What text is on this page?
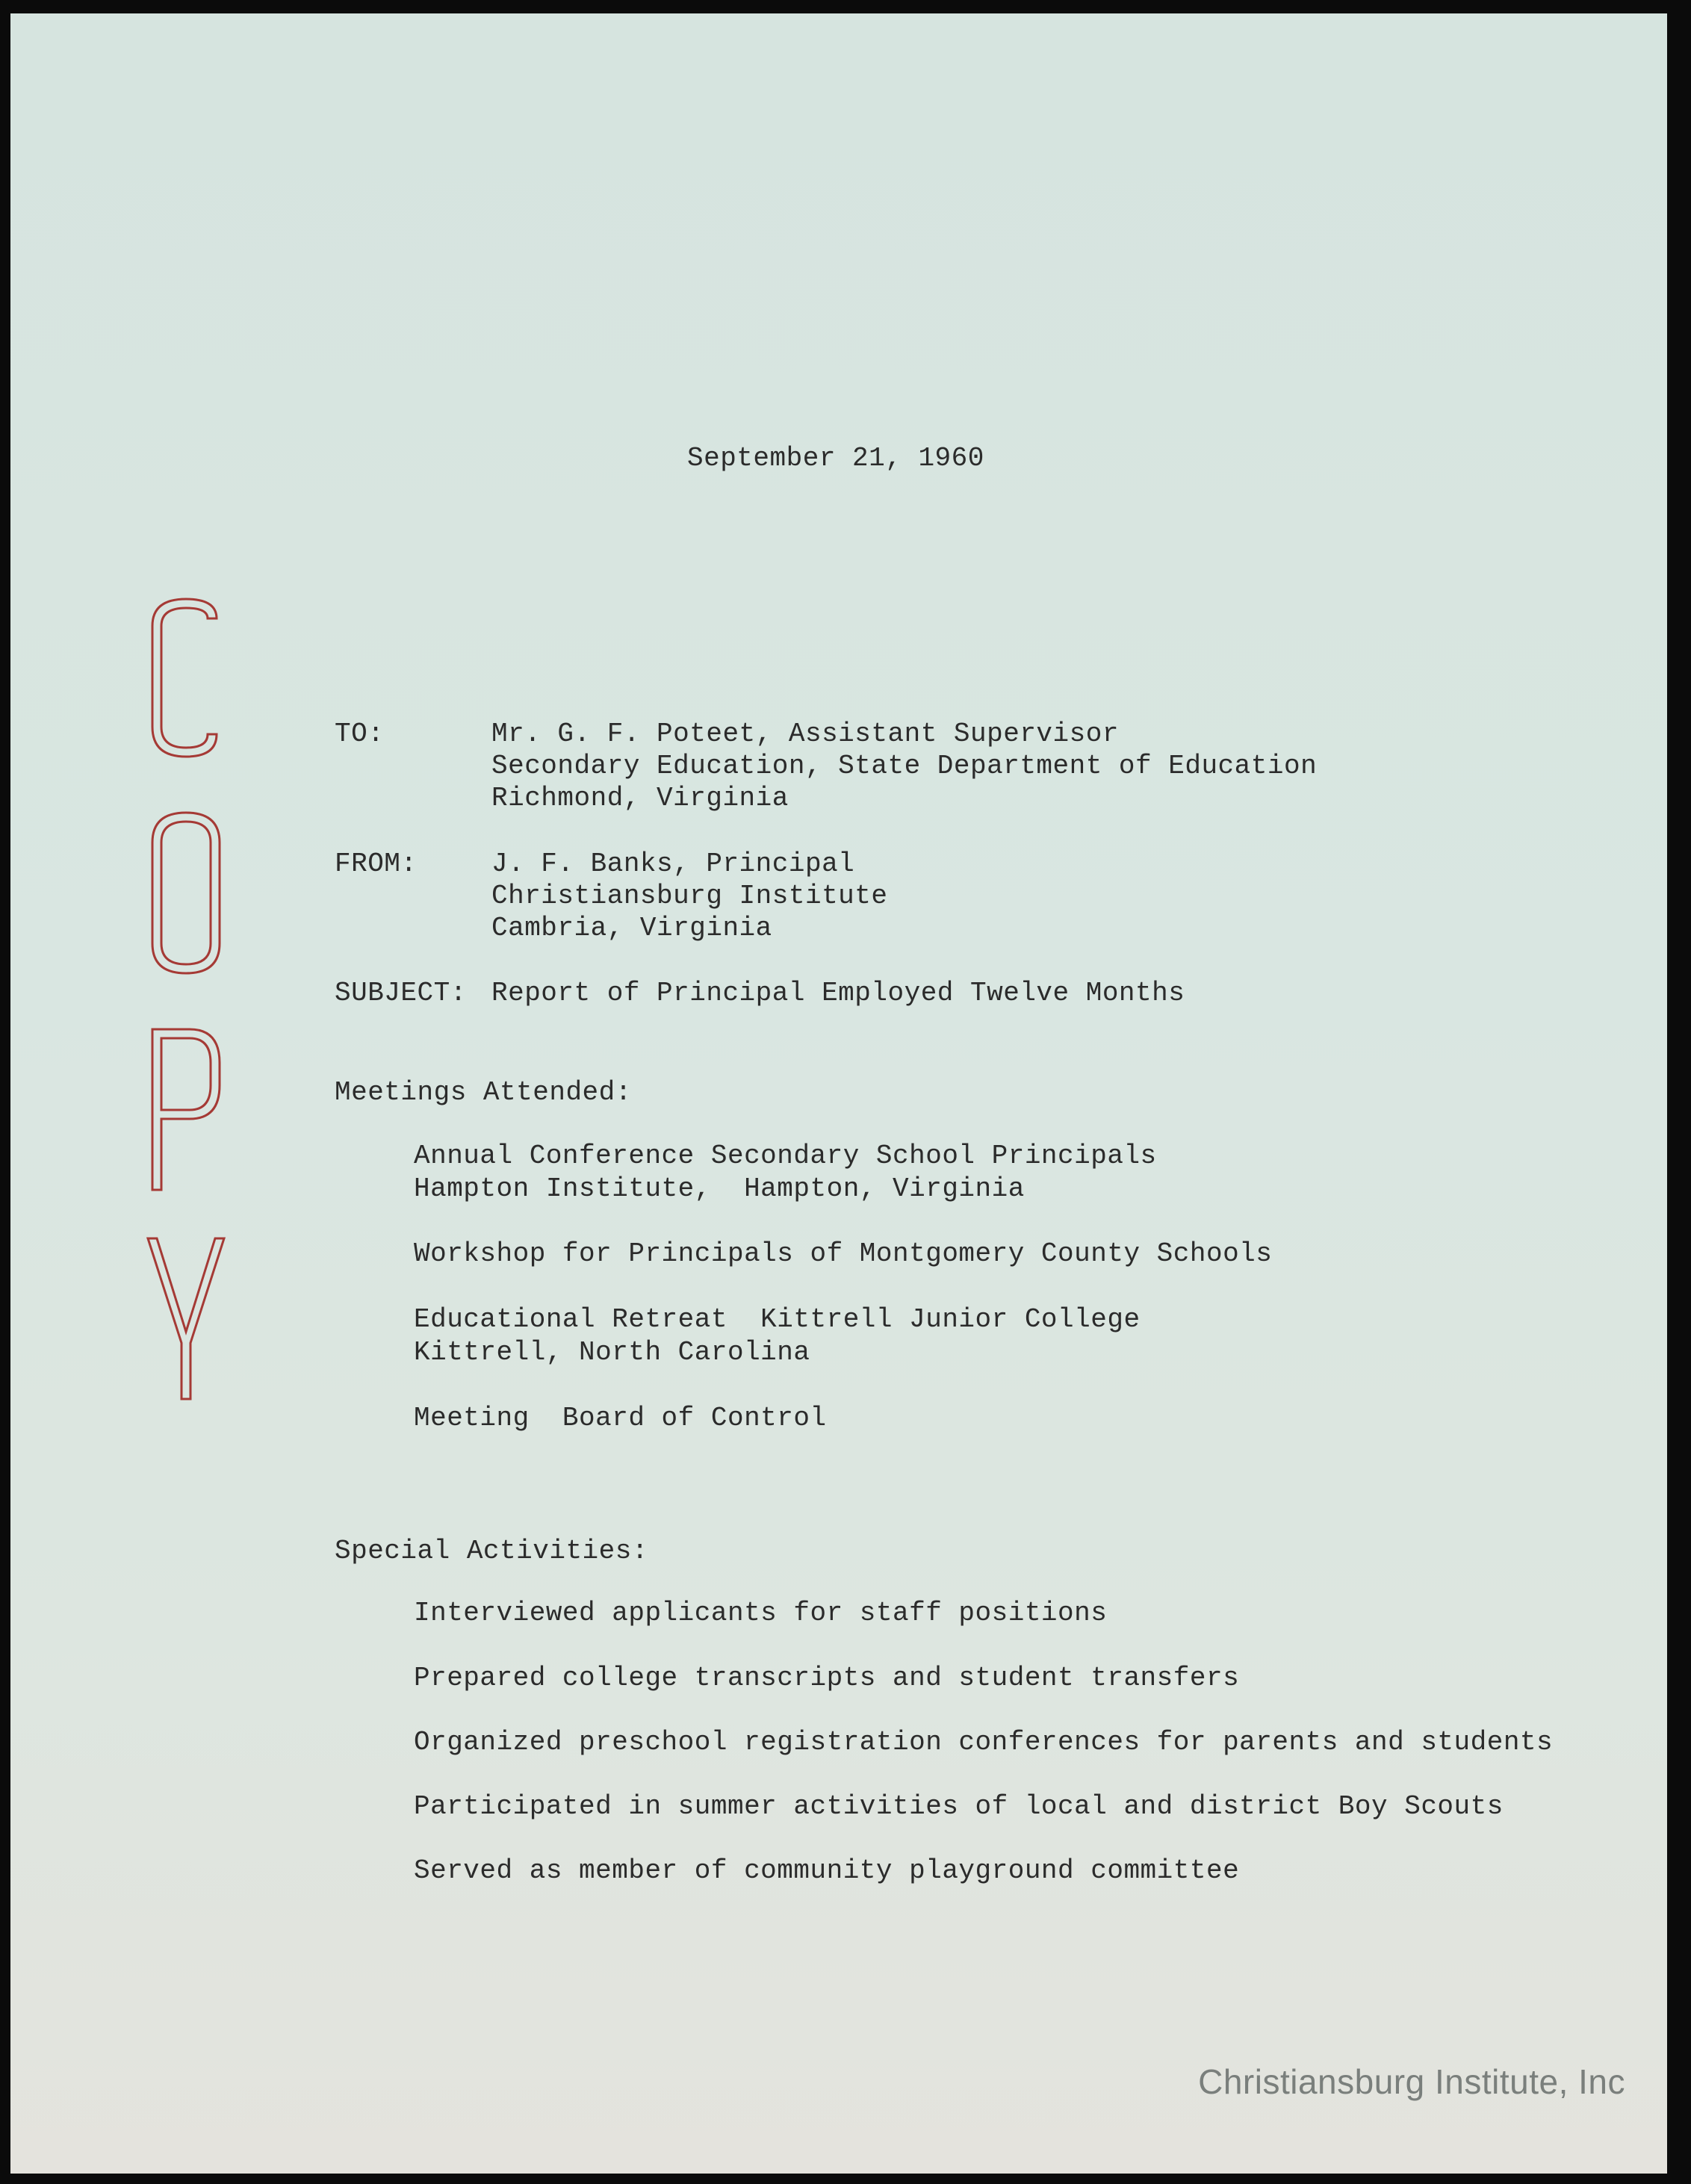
September 21, 1960
TO:	Mr. G. F. Poteet, Assistant Supervisor
Secondary Education, State Department of Education
Richmond, Virginia
FROM:	J. F. Banks, Principal
Christiansburg Institute
Cambria, Virginia
SUBJECT: Report of Principal Employed Twelve Months
Meetings Attended:
Annual Conference Secondary School Principals
Hampton Institute,  Hampton, Virginia
Workshop for Principals of Montgomery County Schools
Educational Retreat  Kittrell Junior College
Kittrell, North Carolina
Meeting  Board of Control
Special Activities:
Interviewed applicants for staff positions
Prepared college transcripts and student transfers
Organized preschool registration conferences for parents and students
Participated in summer activities of local and district Boy Scouts
Served as member of community playground committee
Christiansburg Institute, Inc
